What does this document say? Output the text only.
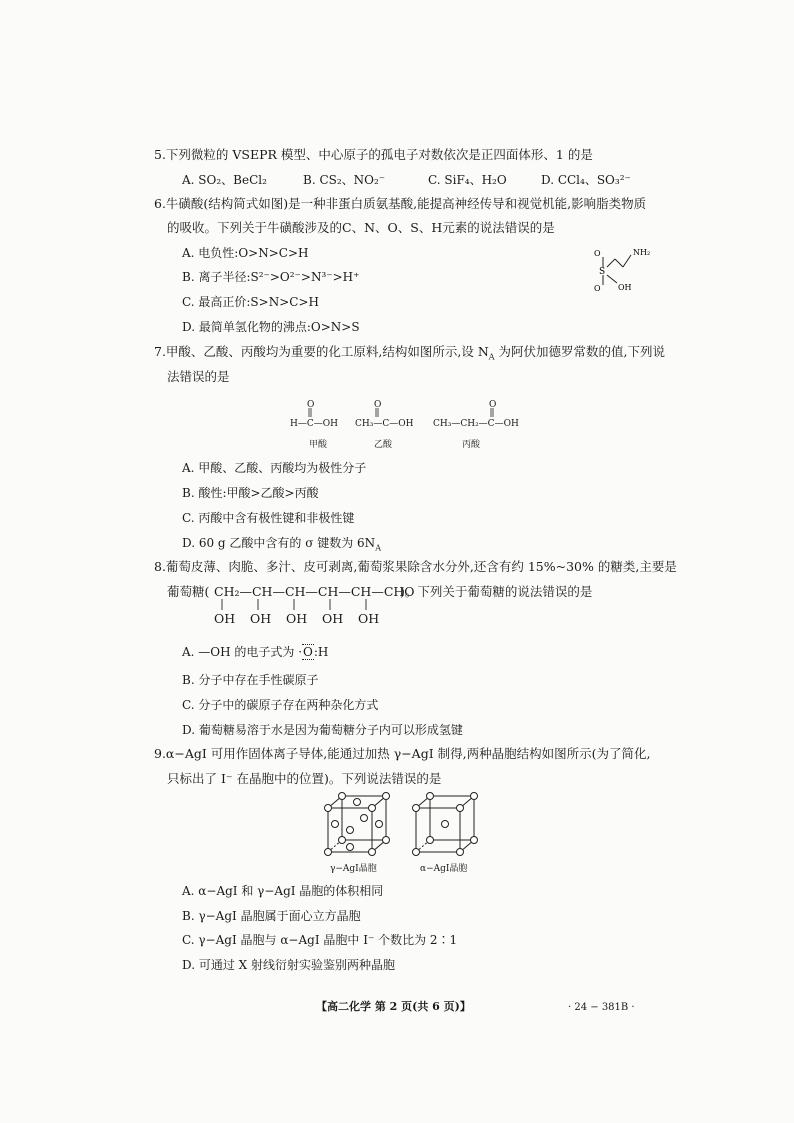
5.下列微粒的 VSEPR 模型、中心原子的孤电子对数依次是正四面体形、1 的是
A. SO₂、BeCl₂	B. CS₂、NO₂⁻	C. SiF₄、H₂O	D. CCl₄、SO₃²⁻
6.牛磺酸(结构简式如图)是一种非蛋白质氨基酸,能提高神经传导和视觉机能,影响脂类物质
的吸收。下列关于牛磺酸涉及的C、N、O、S、H元素的说法错误的是
A. 电负性:O>N>C>H
B. 离子半径:S²⁻>O²⁻>N³⁻>H⁺
C. 最高正价:S>N>C>H
D. 最简单氢化物的沸点:O>N>S
S
O
O
NH₂
OH
7.甲酸、乙酸、丙酸均为重要的化工原料,结构如图所示,设 $N_A$ 为阿伏加德罗常数的值,下列说
法错误的是
O	O	O
H—C—OH CH₃—C—OH CH₃—CH₂—C—OH
甲酸	乙酸	丙酸
A. 甲酸、乙酸、丙酸均为极性分子
B. 酸性:甲酸>乙酸>丙酸
C. 丙酸中含有极性键和非极性键
D. 60 g 乙酸中含有的 σ 键数为 $6N_A$
8.葡萄皮薄、肉脆、多汁、皮可剥离,葡萄浆果除含水分外,还含有约 15%~30% 的糖类,主要是
葡萄糖( CH₂—CH—CH—CH—CH—CHO
)。下列关于葡萄糖的说法错误的是
OH OH OH OH OH
A. —OH 的电子式为 ·O:H
B. 分子中存在手性碳原子
C. 分子中的碳原子存在两种杂化方式
D. 葡萄糖易溶于水是因为葡萄糖分子内可以形成氢键
9.α−AgI 可用作固体离子导体,能通过加热 γ−AgI 制得,两种晶胞结构如图所示(为了简化,
只标出了 I⁻ 在晶胞中的位置)。下列说法错误的是
γ−AgI晶胞	α−AgI晶胞
A. α−AgI 和 γ−AgI 晶胞的体积相同
B. γ−AgI 晶胞属于面心立方晶胞
C. γ−AgI 晶胞与 α−AgI 晶胞中 I⁻ 个数比为 2∶1
D. 可通过 X 射线衍射实验鉴别两种晶胞
【高二化学 第 2 页(共 6 页)】	· 24 − 381B ·
